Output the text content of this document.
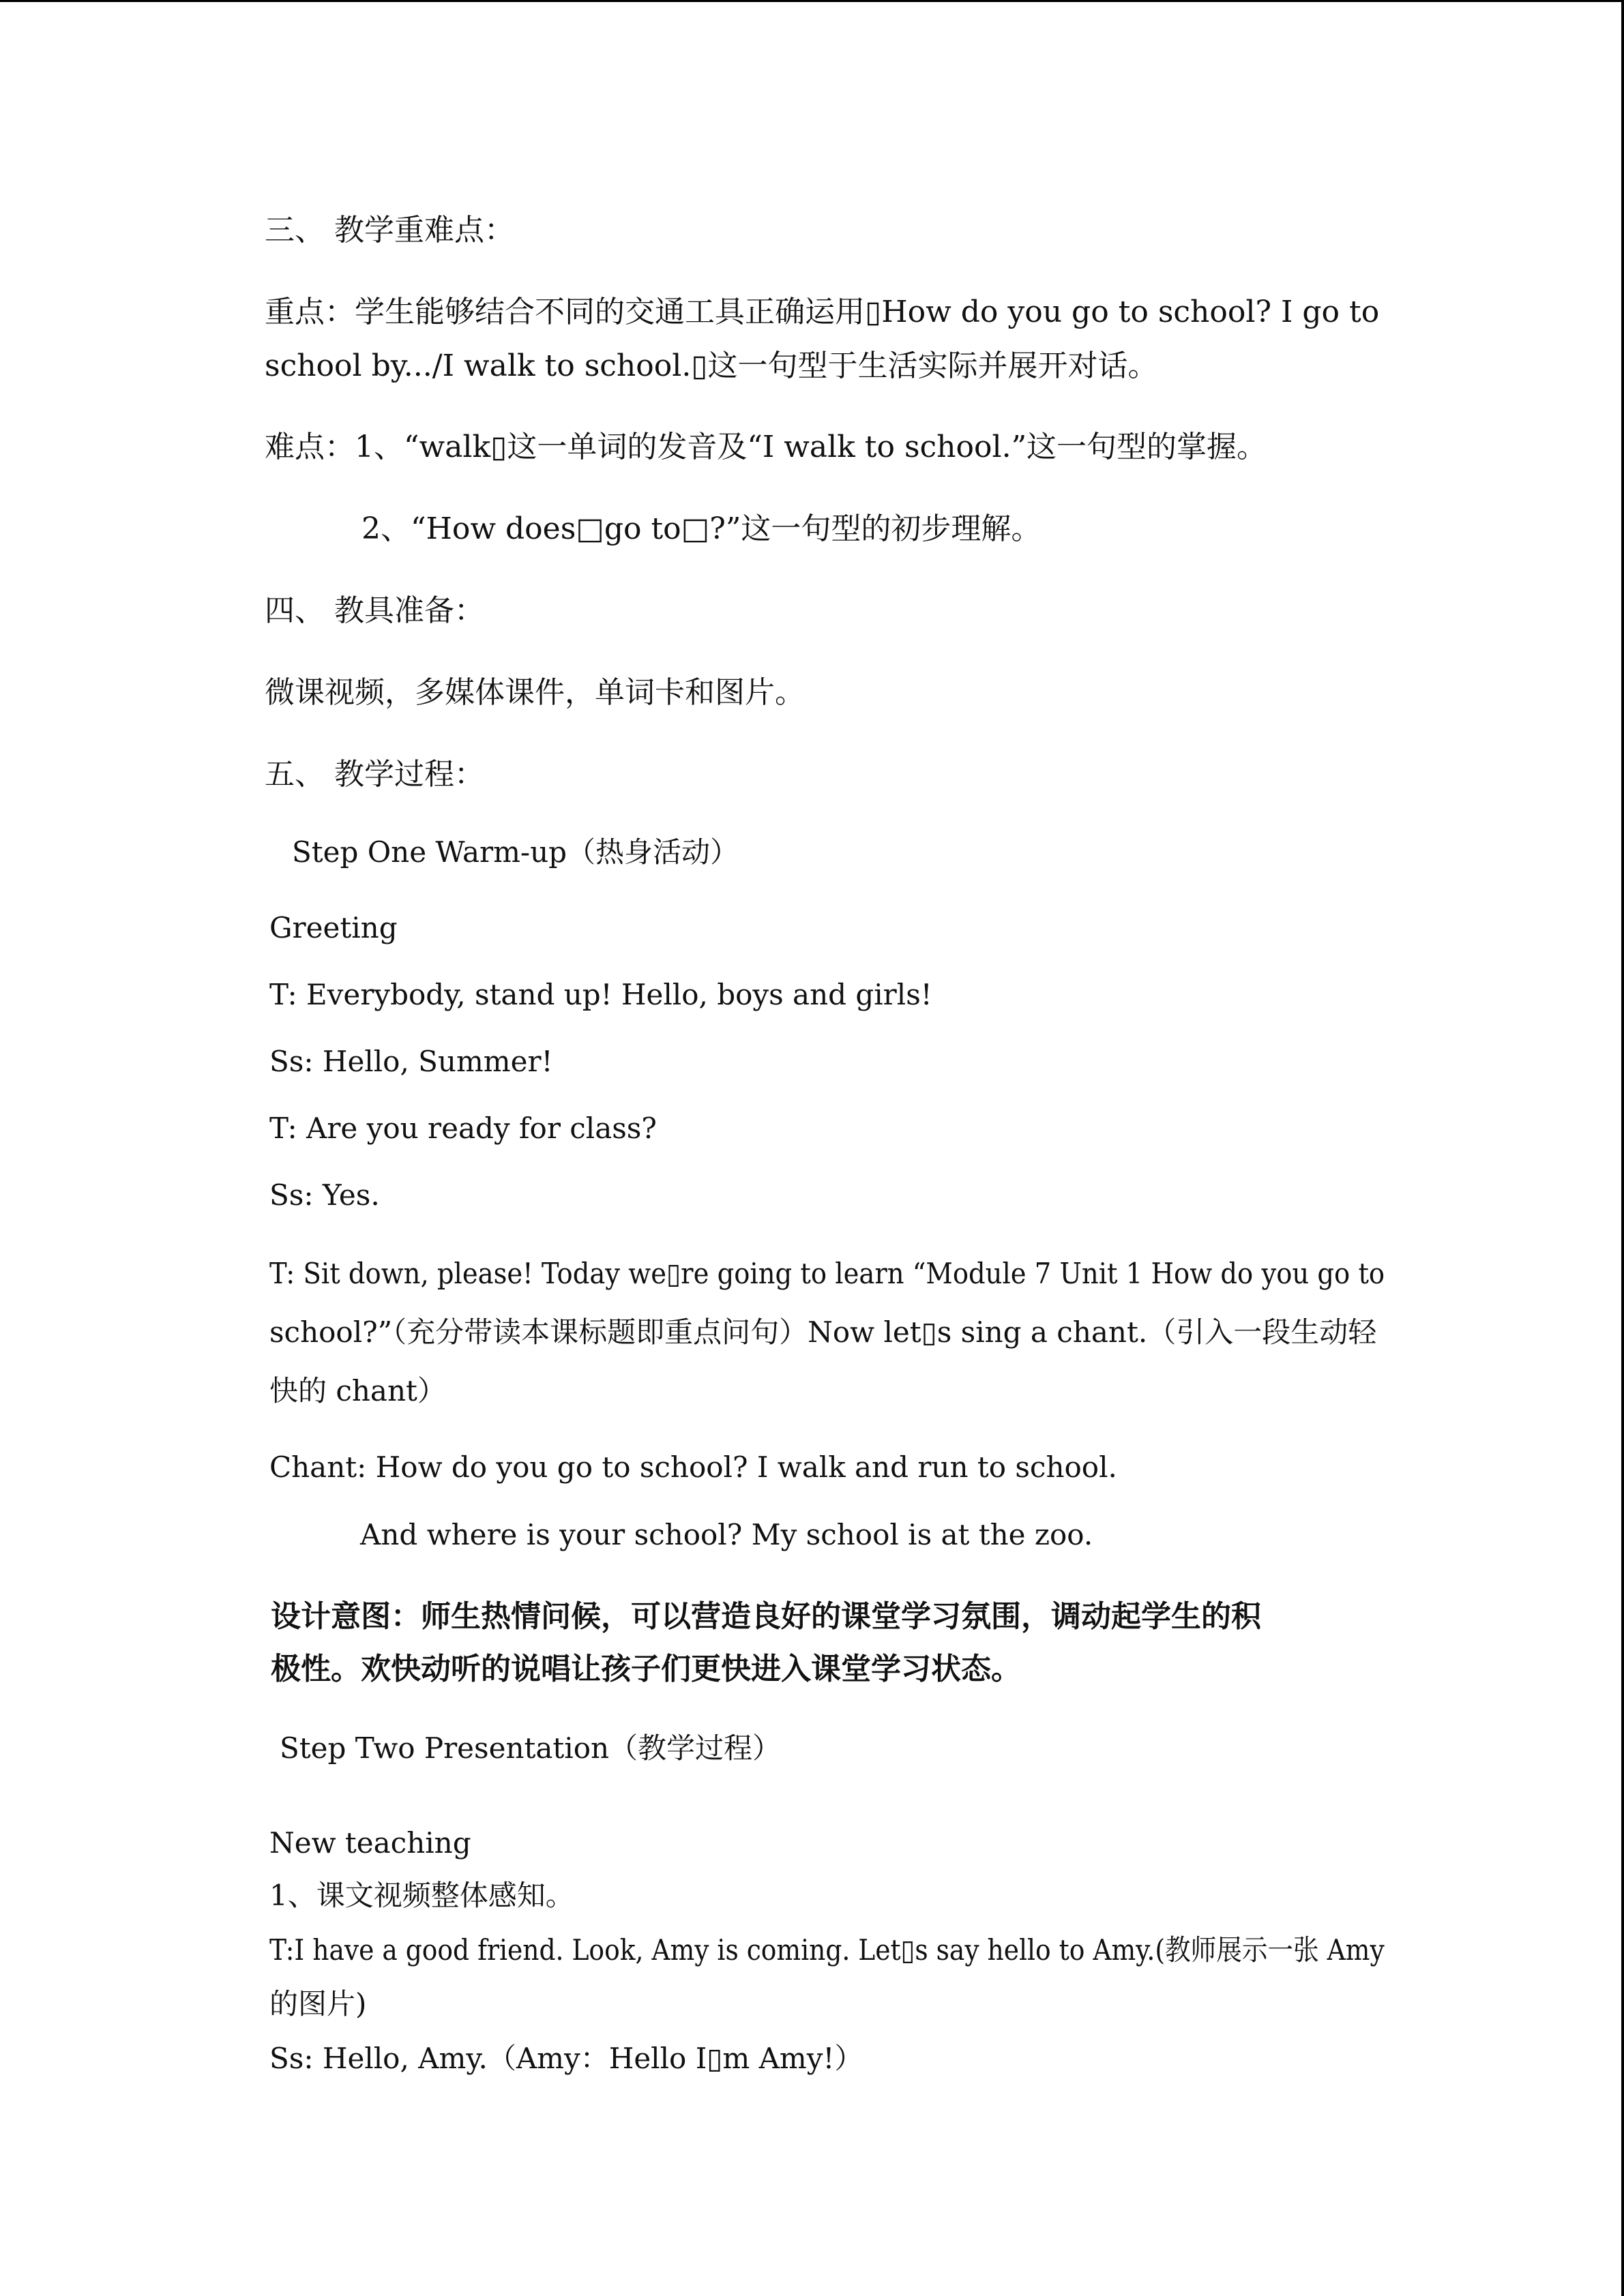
三、 教学重难点：
重点：学生能够结合不同的交通工具正确运用▯How do you go to school? I go to
school by.../I walk to school.▯这一句型于生活实际并展开对话。
难点：1、“walk▯这一单词的发音及“I walk to school.”这一句型的掌握。
2、“How does□go to□?”这一句型的初步理解。
四、 教具准备：
微课视频，多媒体课件，单词卡和图片。
五、 教学过程：
Step One Warm-up（热身活动）
Greeting
T: Everybody, stand up! Hello, boys and girls!
Ss: Hello, Summer!
T: Are you ready for class?
Ss: Yes.
T: Sit down, please! Today we▯re going to learn “Module 7 Unit 1 How do you go to
school?”（充分带读本课标题即重点问句）Now let▯s sing a chant.（引入一段生动轻
快的 chant）
Chant: How do you go to school? I walk and run to school.
And where is your school? My school is at the zoo.
设计意图：师生热情问候，可以营造良好的课堂学习氛围，调动起学生的积
极性。欢快动听的说唱让孩子们更快进入课堂学习状态。
Step Two Presentation（教学过程）
New teaching
1、课文视频整体感知。
T:I have a good friend. Look, Amy is coming. Let▯s say hello to Amy.(教师展示一张 Amy
的图片)
Ss: Hello, Amy.（Amy：Hello I▯m Amy!）
